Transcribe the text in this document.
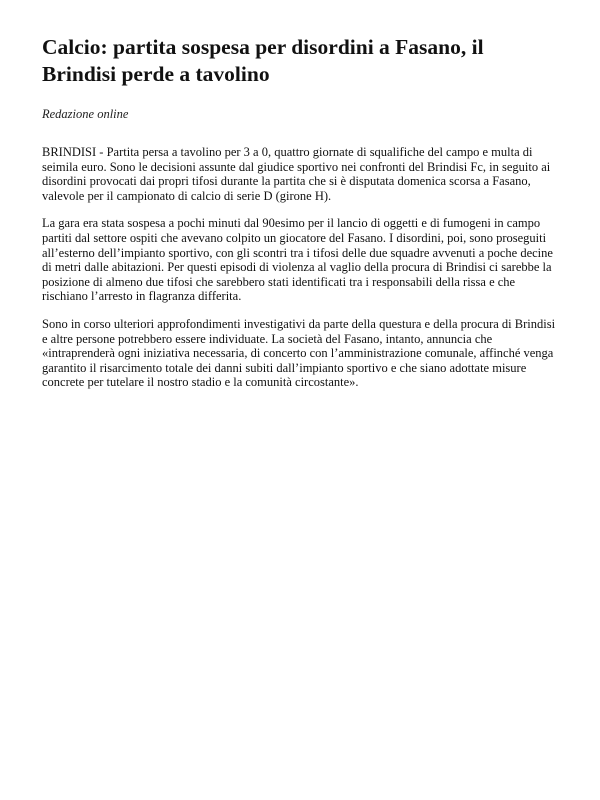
Calcio: partita sospesa per disordini a Fasano, il Brindisi perde a tavolino
Redazione online

BRINDISI - Partita persa a tavolino per 3 a 0, quattro giornate di squalifiche del campo e multa di seimila euro. Sono le decisioni assunte dal giudice sportivo nei confronti del Brindisi Fc, in seguito ai disordini provocati dai propri tifosi durante la partita che si è disputata domenica scorsa a Fasano, valevole per il campionato di calcio di serie D (girone H).

La gara era stata sospesa a pochi minuti dal 90esimo per il lancio di oggetti e di fumogeni in campo partiti dal settore ospiti che avevano colpito un giocatore del Fasano. I disordini, poi, sono proseguiti all’esterno dell’impianto sportivo, con gli scontri tra i tifosi delle due squadre avvenuti a poche decine di metri dalle abitazioni. Per questi episodi di violenza al vaglio della procura di Brindisi ci sarebbe la posizione di almeno due tifosi che sarebbero stati identificati tra i responsabili della rissa e che rischiano l’arresto in flagranza differita.

Sono in corso ulteriori approfondimenti investigativi da parte della questura e della procura di Brindisi e altre persone potrebbero essere individuate. La società del Fasano, intanto, annuncia che «intraprenderà ogni iniziativa necessaria, di concerto con l’amministrazione comunale, affinché venga garantito il risarcimento totale dei danni subiti dall’impianto sportivo e che siano adottate misure concrete per tutelare il nostro stadio e la comunità circostante».
